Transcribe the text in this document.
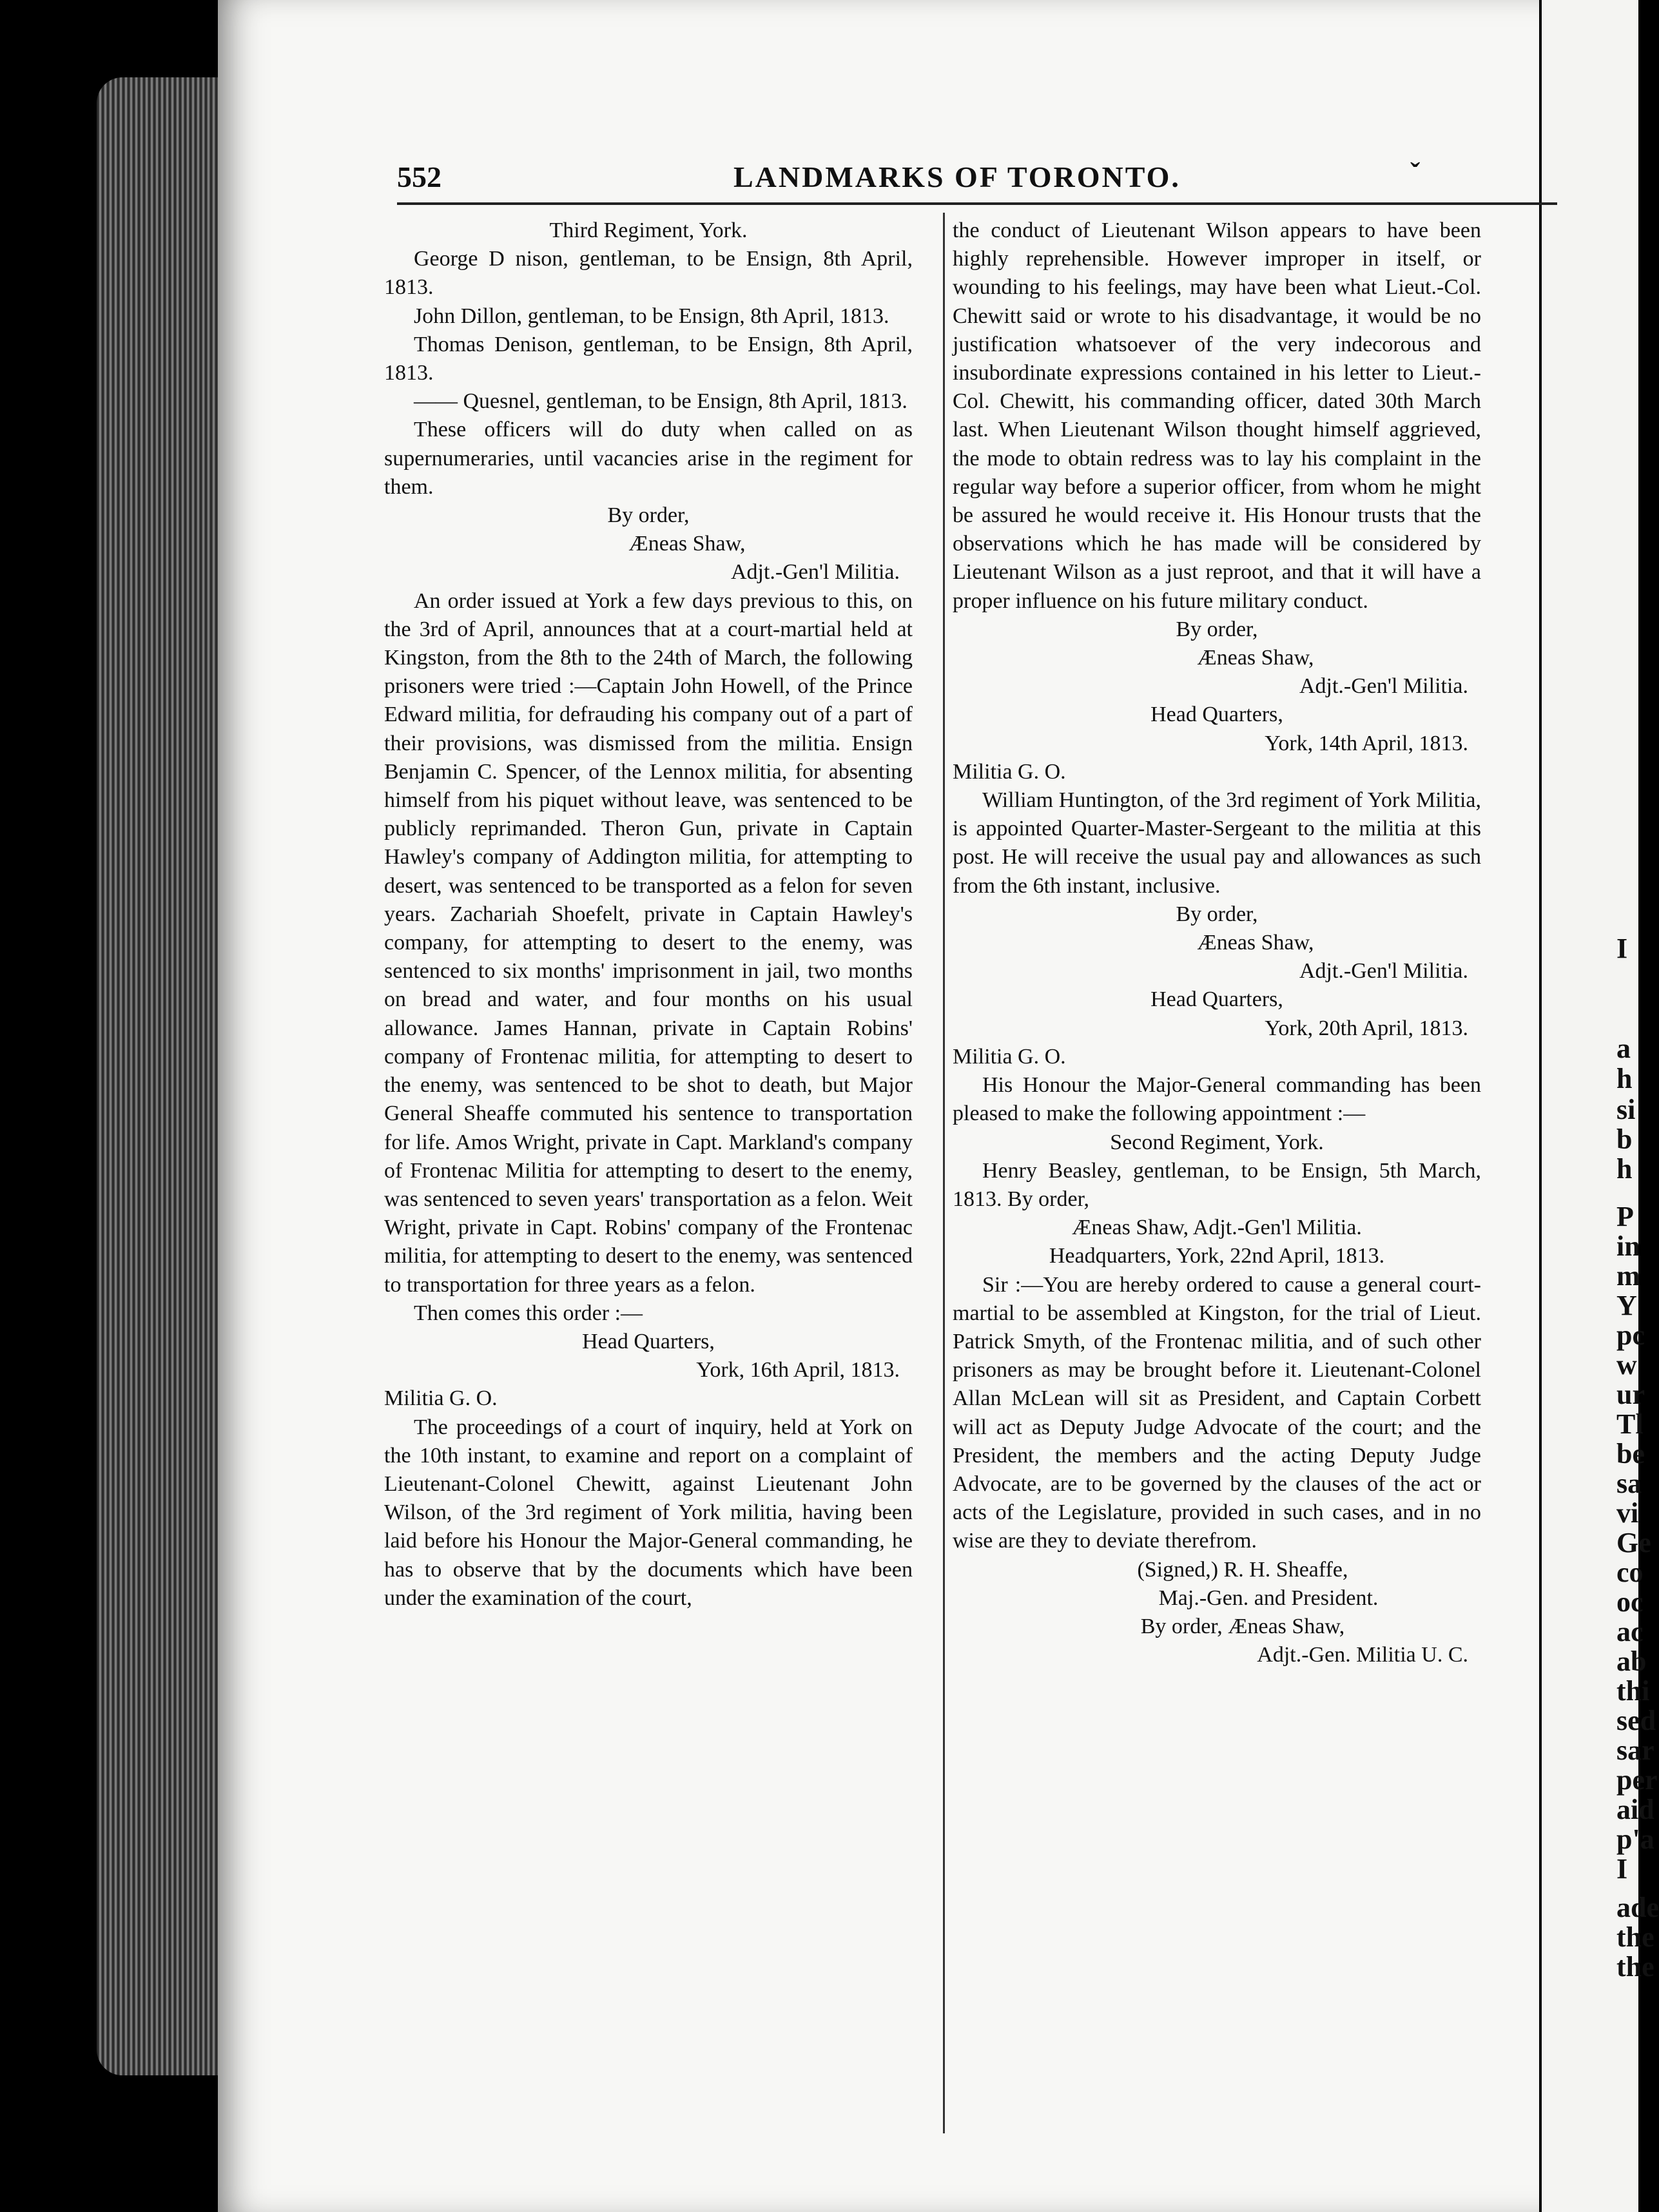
I
a
h
si
b
h
P
in
m
Y
pc
w
ur
Tl
be
sa
vi
Ge
co
oc
ac
ab
thi
sed
sar
per
aid
p'a
I
ade
the
the
552	LANDMARKS OF TORONTO.	ˇ

Third Regiment, York.

George D nison, gentleman, to be Ensign, 8th April, 1813.

John Dillon, gentleman, to be Ensign, 8th April, 1813.

Thomas Denison, gentleman, to be Ensign, 8th April, 1813.

—— Quesnel, gentleman, to be Ensign, 8th April, 1813.

These officers will do duty when called on as supernumeraries, until vacancies arise in the regiment for them.

By order,

Æneas Shaw,

Adjt.-Gen'l Militia.

An order issued at York a few days previous to this, on the 3rd of April, announces that at a court-martial held at Kingston, from the 8th to the 24th of March, the following prisoners were tried :—Captain John Howell, of the Prince Edward militia, for defrauding his company out of a part of their provisions, was dismissed from the militia. Ensign Benjamin C. Spencer, of the Lennox militia, for absenting himself from his piquet without leave, was sentenced to be publicly reprimanded. Theron Gun, private in Captain Hawley's company of Addington militia, for attempting to desert, was sentenced to be transported as a felon for seven years. Zachariah Shoefelt, private in Captain Hawley's company, for attempting to desert to the enemy, was sentenced to six months' imprisonment in jail, two months on bread and water, and four months on his usual allowance. James Hannan, private in Captain Robins' company of Frontenac militia, for attempting to desert to the enemy, was sentenced to be shot to death, but Major General Sheaffe commuted his sentence to transportation for life. Amos Wright, private in Capt. Markland's company of Frontenac Militia for attempting to desert to the enemy, was sentenced to seven years' transportation as a felon. Weit Wright, private in Capt. Robins' company of the Frontenac militia, for attempting to desert to the enemy, was sentenced to transportation for three years as a felon.

Then comes this order :—

Head Quarters,

York, 16th April, 1813.

Militia G. O.

The proceedings of a court of inquiry, held at York on the 10th instant, to examine and report on a complaint of Lieutenant-Colonel Chewitt, against Lieutenant John Wilson, of the 3rd regiment of York militia, having been laid before his Honour the Major-General commanding, he has to observe that by the documents which have been under the examination of the court,

the conduct of Lieutenant Wilson appears to have been highly reprehensible. However improper in itself, or wounding to his feelings, may have been what Lieut.-Col. Chewitt said or wrote to his disadvantage, it would be no justification whatsoever of the very indecorous and insubordinate expressions contained in his letter to Lieut.-Col. Chewitt, his commanding officer, dated 30th March last. When Lieutenant Wilson thought himself aggrieved, the mode to obtain redress was to lay his complaint in the regular way before a superior officer, from whom he might be assured he would receive it. His Honour trusts that the observations which he has made will be considered by Lieutenant Wilson as a just reproot, and that it will have a proper influence on his future military conduct.

By order,

Æneas Shaw,

Adjt.-Gen'l Militia.

Head Quarters,

York, 14th April, 1813.

Militia G. O.

William Huntington, of the 3rd regiment of York Militia, is appointed Quarter-Master-Sergeant to the militia at this post. He will receive the usual pay and allowances as such from the 6th instant, inclusive.

By order,

Æneas Shaw,

Adjt.-Gen'l Militia.

Head Quarters,

York, 20th April, 1813.

Militia G. O.

His Honour the Major-General commanding has been pleased to make the following appointment :—

Second Regiment, York.

Henry Beasley, gentleman, to be Ensign, 5th March, 1813. By order,

Æneas Shaw, Adjt.-Gen'l Militia.

Headquarters, York, 22nd April, 1813.

Sir :—You are hereby ordered to cause a general court-martial to be assembled at Kingston, for the trial of Lieut. Patrick Smyth, of the Frontenac militia, and of such other prisoners as may be brought before it. Lieutenant-Colonel Allan McLean will sit as President, and Captain Corbett will act as Deputy Judge Advocate of the court; and the President, the members and the acting Deputy Judge Advocate, are to be governed by the clauses of the act or acts of the Legislature, provided in such cases, and in no wise are they to deviate therefrom.

(Signed,) R. H. Sheaffe,

Maj.-Gen. and President.

By order, Æneas Shaw,

Adjt.-Gen. Militia U. C.
